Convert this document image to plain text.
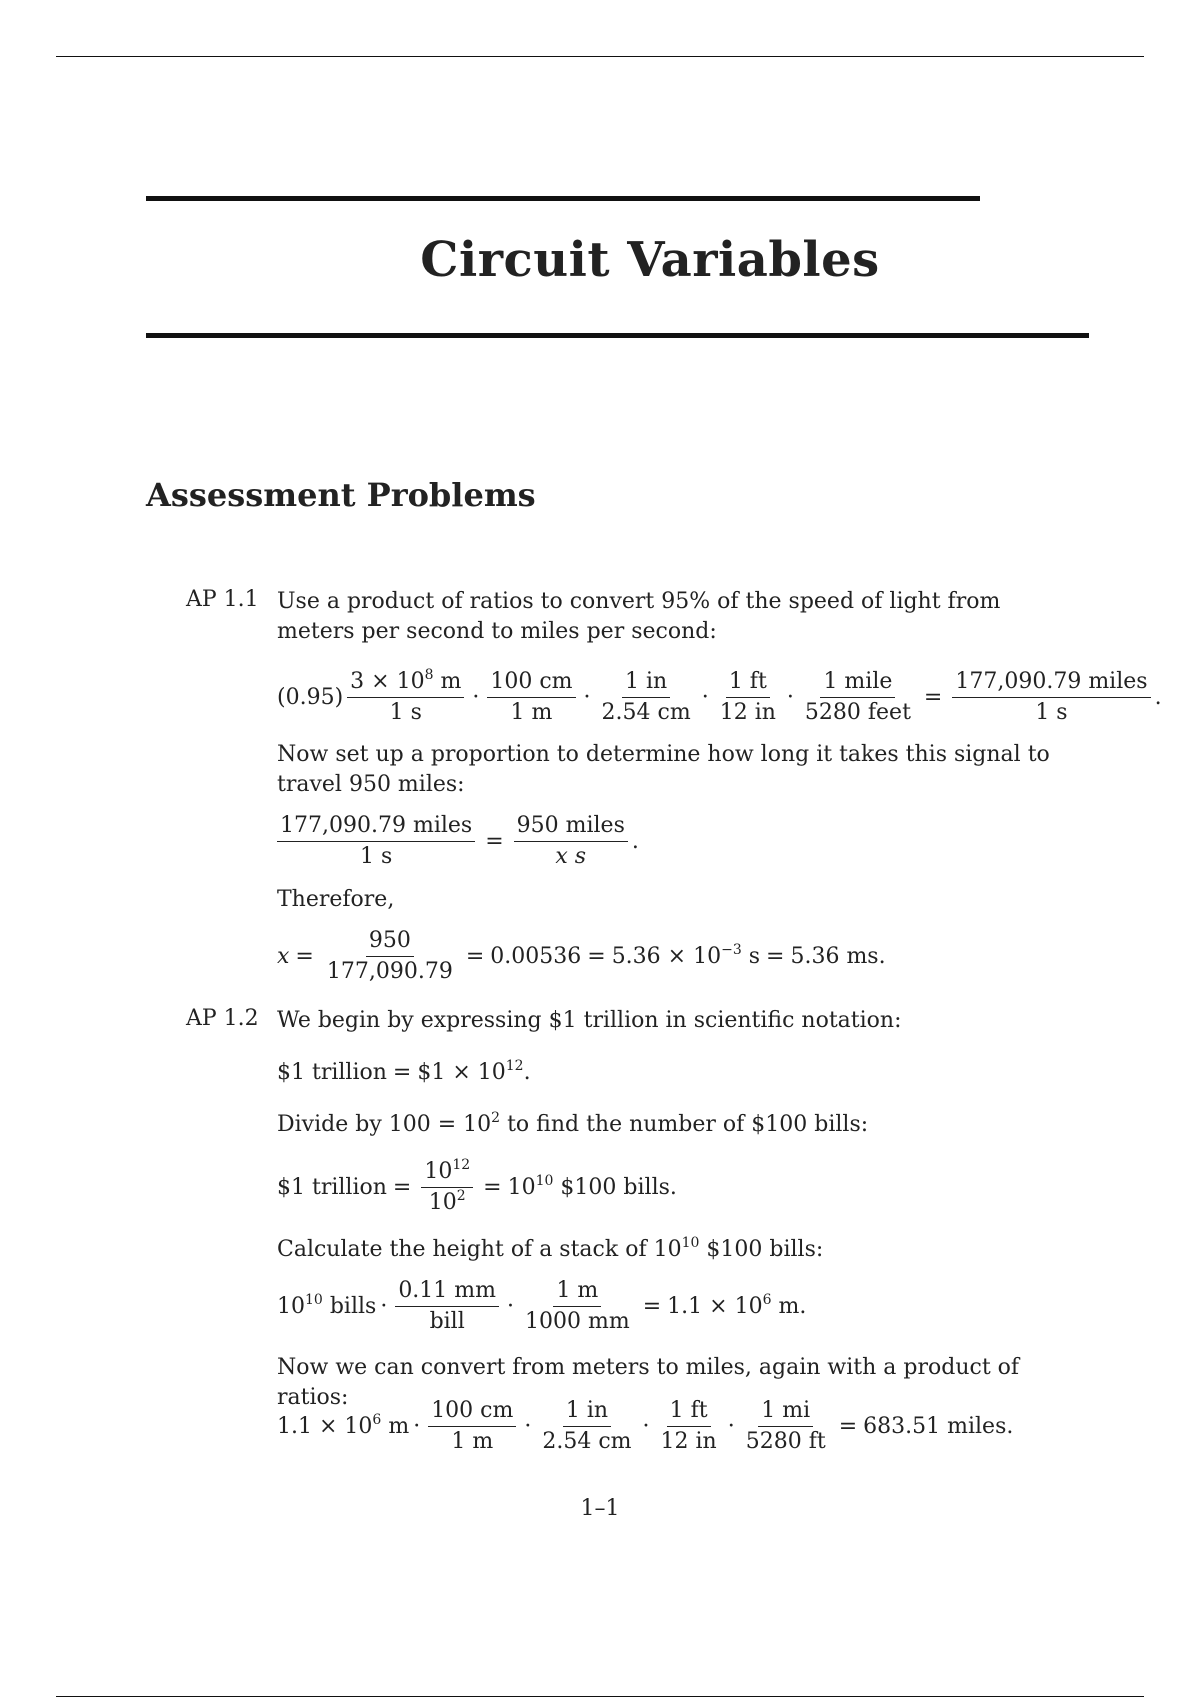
Circuit Variables
Assessment Problems
AP 1.1 Use a product of ratios to convert 95% of the speed of light from meters per second to miles per second:

$(0.95) \frac{3 \times 10^8 m}{1 s} \cdot \frac{100 cm}{1 m} \cdot \frac{1 in}{2.54 cm} \cdot \frac{1 ft}{12 in} \cdot \frac{\text{1 mile}}{\text{5280 feet}} = \frac{\text{177,090.79 miles}}{1 s}$ .

Now set up a proportion to determine how long it takes this signal to travel 950 miles:

$\frac{\text{177,090.79 miles}}{1 s} = \frac{\text{950 miles}}{\text{x s}}$ .

Therefore,

$x = \frac{950}{177,090.79} = 0.00536 = 5.36 \times 10^{-3}$ s = 5.36 ms.
AP 1.2 We begin by expressing $1 trillion in scientific notation:

$1 trillion = $1 × $10^{12}$.

Divide by $100 = 10^2$ to find the number of $100 bills:

$1 trillion = $\frac{10^{12}}{10^2} = 10^{10}$ $100 bills.

Calculate the height of a stack of $10^{10}$ $100 bills:

$10^{10}$ bills · $\frac{0.11 mm}{\text{bill}} \cdot \frac{1 m}{1000 mm} = 1.1 \times 10^6$ m.

Now we can convert from meters to miles, again with a product of ratios:

$1.1 \times 10^6$ $m \cdot \frac{100 cm}{1 m} \cdot \frac{1 in}{2.54 cm} \cdot \frac{1 ft}{12 in} \cdot \frac{1 mi}{5280 ft} = 683.51$ miles.
1–1
